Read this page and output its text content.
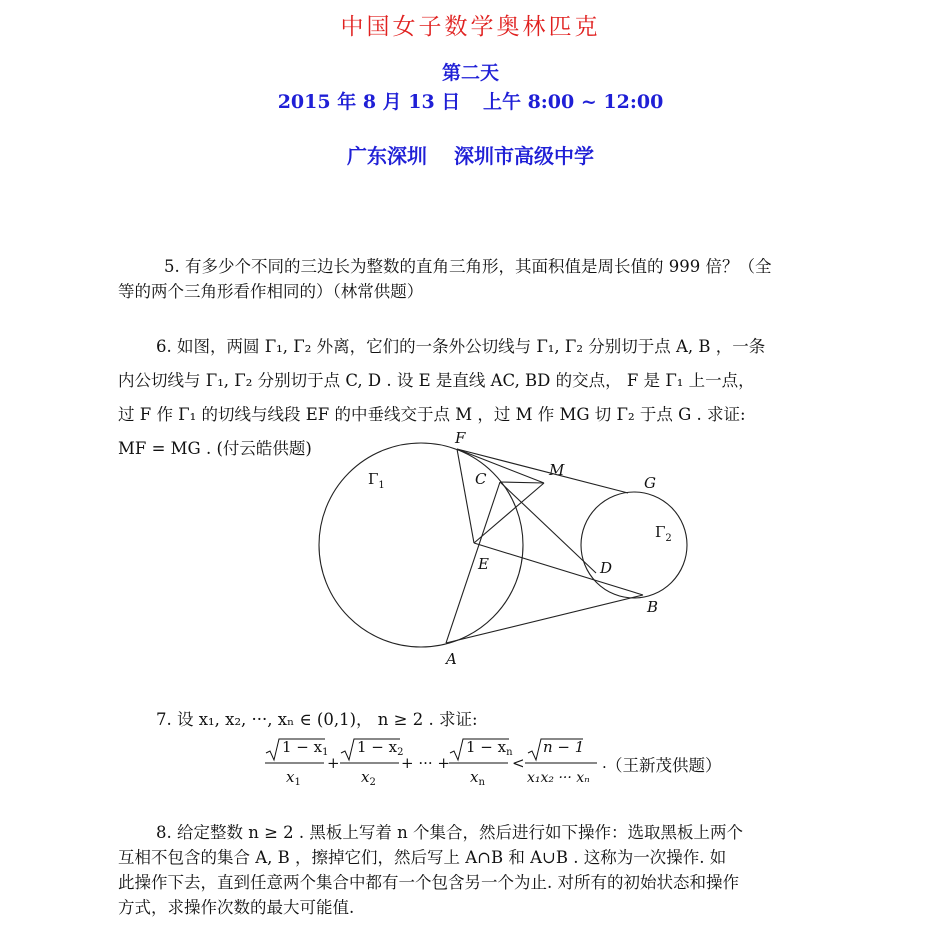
中国女子数学奥林匹克
第二天
2015 年 8 月 13 日 上午 8:00 ~ 12:00
广东深圳 深圳市高级中学
5. 有多少个不同的三边长为整数的直角三角形，其面积值是周长值的 999 倍？（全
等的两个三角形看作相同的）（林常供题）
6. 如图，两圆 Γ₁, Γ₂ 外离，它们的一条外公切线与 Γ₁, Γ₂ 分别切于点 A, B ，一条
内公切线与 Γ₁, Γ₂ 分别切于点 C, D . 设 E 是直线 AC, BD 的交点， F 是 Γ₁ 上一点，
过 F 作 Γ₁ 的切线与线段 EF 的中垂线交于点 M ，过 M 作 MG 切 Γ₂ 于点 G . 求证:
MF = MG . (付云皓供题)
F
C	M
G
E	D
B
A
$\Gamma_1$
$\Gamma_2$
7. 设 x₁, x₂, ···, xₙ ∈ (0,1)， n ≥ 2 . 求证:
$1 - x_1$
$x_1$
+
$1 - x_2$
$x_2$
+ ··· +
$1 - x_n$
$x_n$
<
n − 1
x₁x₂ ··· xₙ
. （王新茂供题）
8. 给定整数 n ≥ 2 . 黑板上写着 n 个集合，然后进行如下操作：选取黑板上两个
互相不包含的集合 A, B ，擦掉它们，然后写上 A∩B 和 A∪B . 这称为一次操作. 如
此操作下去，直到任意两个集合中都有一个包含另一个为止. 对所有的初始状态和操作
方式，求操作次数的最大可能值.
